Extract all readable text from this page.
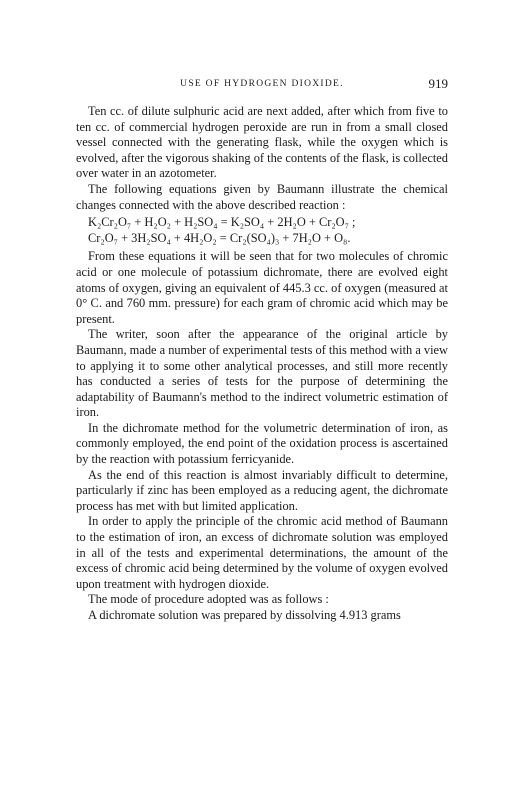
USE OF HYDROGEN DIOXIDE.	919

Ten cc. of dilute sulphuric acid are next added, after which from five to ten cc. of commercial hydrogen peroxide are run in from a small closed vessel connected with the generating flask, while the oxygen which is evolved, after the vigorous shaking of the contents of the flask, is collected over water in an azotometer.

The following equations given by Baumann illustrate the chemical changes connected with the above described reaction :

K₂Cr₂O₇ + H₂O₂ + H₂SO₄ = K₂SO₄ + 2H₂O + Cr₂O₇ ;
Cr₂O₇ + 3H₂SO₄ + 4H₂O₂ = Cr₂(SO₄)₃ + 7H₂O + O₈.

From these equations it will be seen that for two molecules of chromic acid or one molecule of potassium dichromate, there are evolved eight atoms of oxygen, giving an equivalent of 445.3 cc. of oxygen (measured at 0° C. and 760 mm. pressure) for each gram of chromic acid which may be present.

The writer, soon after the appearance of the original article by Baumann, made a number of experimental tests of this method with a view to applying it to some other analytical processes, and still more recently has conducted a series of tests for the purpose of determining the adaptability of Baumann's method to the indirect volumetric estimation of iron.

In the dichromate method for the volumetric determination of iron, as commonly employed, the end point of the oxidation process is ascertained by the reaction with potassium ferricyanide.

As the end of this reaction is almost invariably difficult to determine, particularly if zinc has been employed as a reducing agent, the dichromate process has met with but limited application.

In order to apply the principle of the chromic acid method of Baumann to the estimation of iron, an excess of dichromate solution was employed in all of the tests and experimental determinations, the amount of the excess of chromic acid being determined by the volume of oxygen evolved upon treatment with hydrogen dioxide.

The mode of procedure adopted was as follows :

A dichromate solution was prepared by dissolving 4.913 grams
